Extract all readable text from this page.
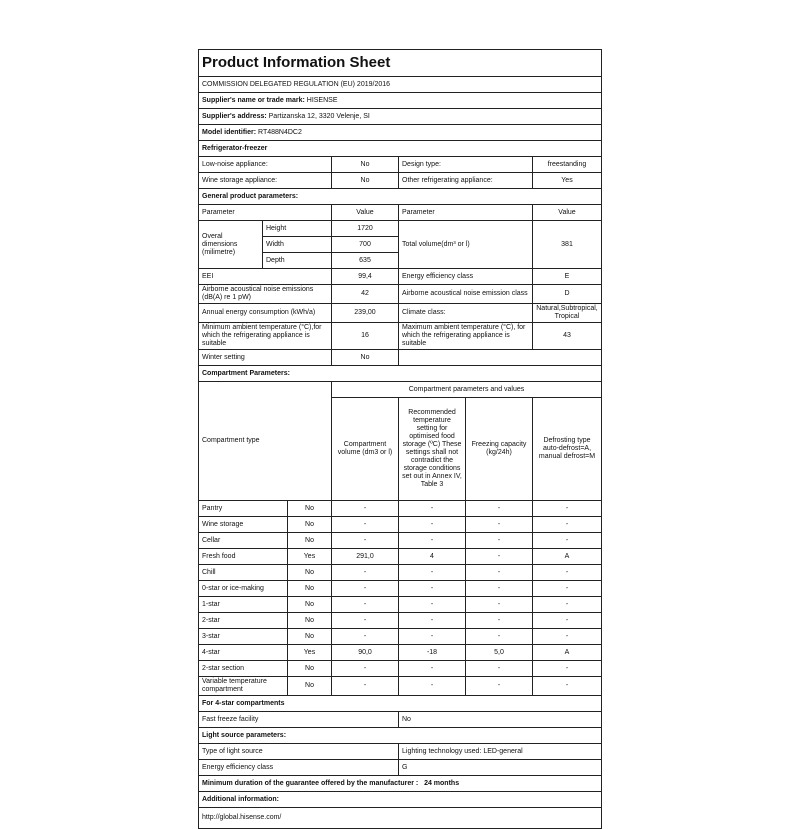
Product Information Sheet						
COMMISSION DELEGATED REGULATION (EU) 2019/2016						
Supplier's name or trade mark: HISENSE						
Supplier's address: Partizanska 12, 3320 Velenje, SI						
Model identifier: RT488N4DC2						
Refrigerator-freezer						
Low-noise appliance:			No	Design type:		freestanding
Wine storage appliance:			No	Other refrigerating appliance:		Yes
General product parameters:						
Parameter			Value	Parameter		Value
Overal dimensions (milimetre)	Height		1720	Total volume(dm³ or l)		381
	Width		700			
	Depth		635			
EEI			99,4	Energy efficiency class		E
Airborne acoustical noise emissions (dB(A) re 1 pW)			42	Airborne acoustical noise emission class		D
Annual energy consumption (kWh/a)			239,00	Climate class:		Natural,Subtropical,Tropical
Minimum ambient temperature (°C),for which the refrigerating appliance is suitable			16	Maximum ambient temperature (°C), for which the refrigerating appliance is suitable		43
Winter setting			No			
Compartment Parameters:						
Compartment type			Compartment parameters and values			
			Compartment volume (dm3 or l)	Recommended temperature setting for optimised food storage (ºC) These settings shall not contradict the storage conditions set out in Annex IV, Table 3	Freezing capacity (kg/24h)	Defrosting type auto-defrost=A, manual defrost=M
Pantry		No	-	-	-	-
Wine storage		No	-	-	-	-
Cellar		No	-	-	-	-
Fresh food		Yes	291,0	4	-	A
Chill		No	-	-	-	-
0-star or ice-making		No	-	-	-	-
1-star		No	-	-	-	-
2-star		No	-	-	-	-
3-star		No	-	-	-	-
4-star		Yes	90,0	-18	5,0	A
2-star section		No	-	-	-	-
Variable temperature compartment		No	-	-	-	-
For 4-star compartments						
Fast freeze facility				No		
Light source parameters:						
Type of light source				Lighting technology used: LED-general		
Energy efficiency class				G		
Minimum duration of the guarantee offered by the manufacturer :   24 months						
Additional information:						
http://global.hisense.com/						
